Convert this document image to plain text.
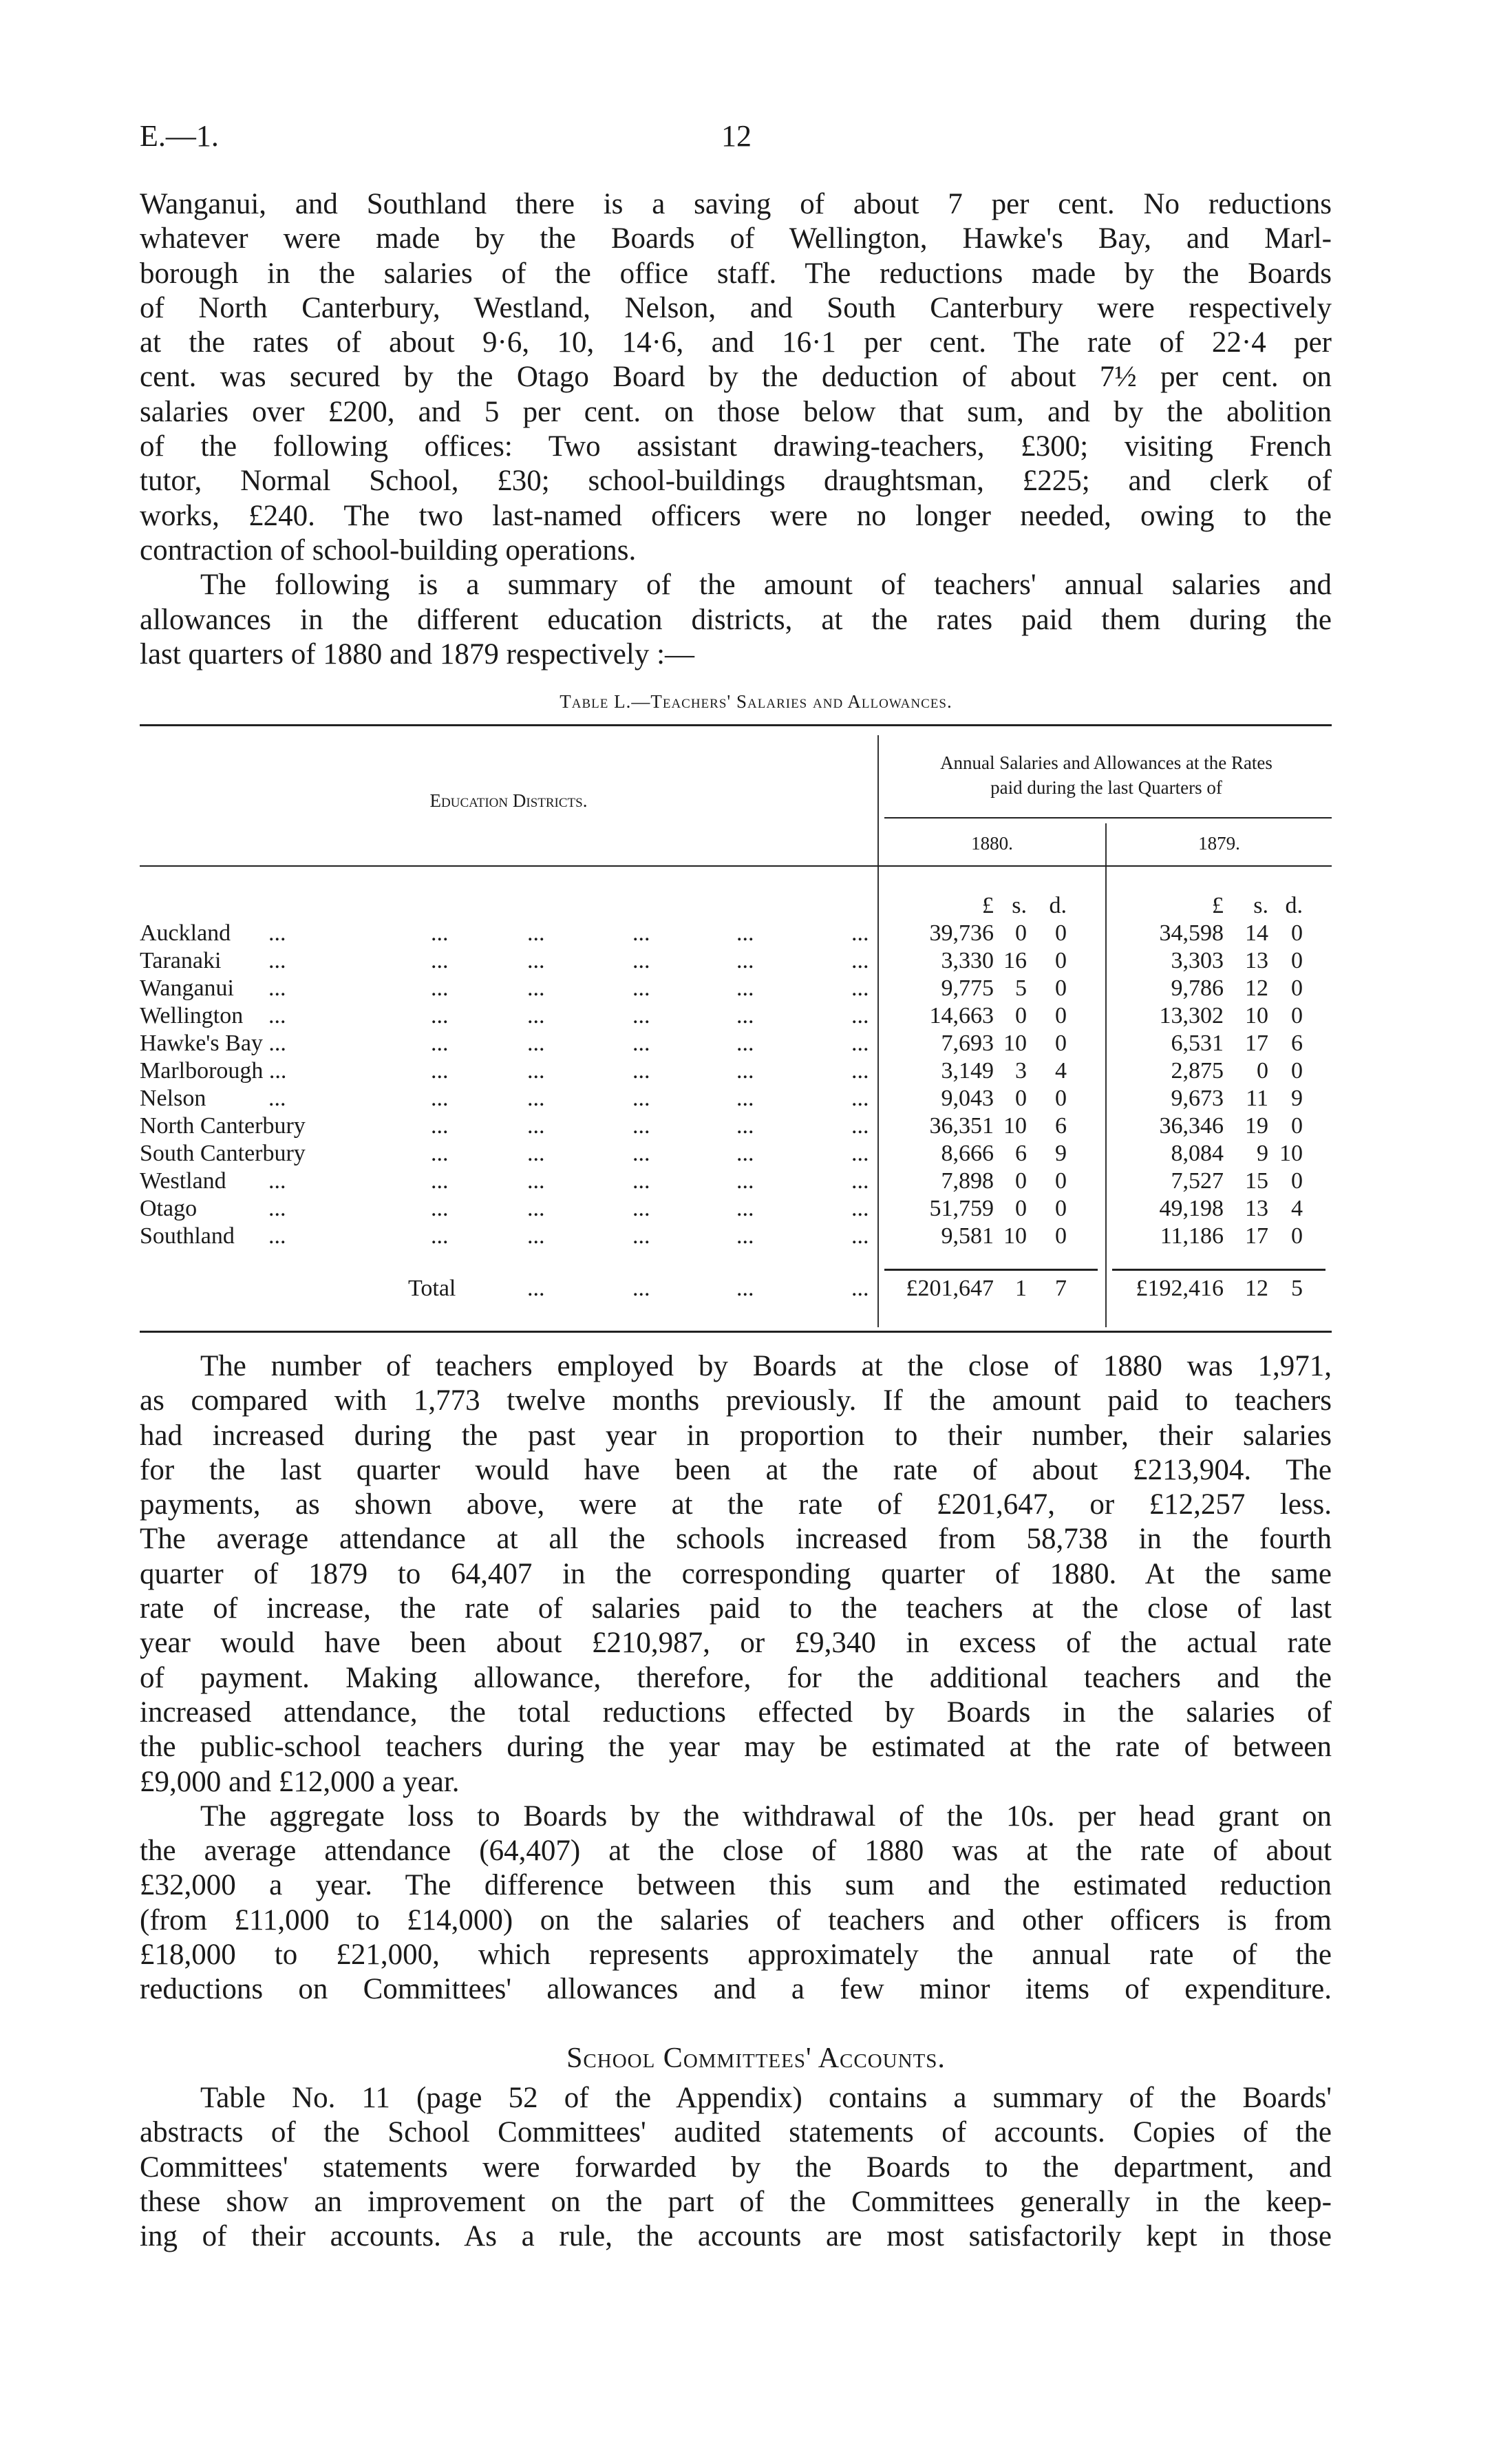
E.—1.	12
Wanganui, and Southland there is a saving of about 7 per cent. No reductions
whatever were made by the Boards of Wellington, Hawke's Bay, and Marl-
borough in the salaries of the office staff. The reductions made by the Boards
of North Canterbury, Westland, Nelson, and South Canterbury were respectively
at the rates of about 9·6, 10, 14·6, and 16·1 per cent. The rate of 22·4 per
cent. was secured by the Otago Board by the deduction of about 7½ per cent. on
salaries over £200, and 5 per cent. on those below that sum, and by the abolition
of the following offices: Two assistant drawing-teachers, £300; visiting French
tutor, Normal School, £30; school-buildings draughtsman, £225; and clerk of
works, £240. The two last-named officers were no longer needed, owing to the
contraction of school-building operations.
The following is a summary of the amount of teachers' annual salaries and
allowances in the different education districts, at the rates paid them during the
last quarters of 1880 and 1879 respectively :—
Table L.—Teachers' Salaries and Allowances.
Education Districts.
Annual Salaries and Allowances at the Rates
paid during the last Quarters of
1880.	1879.
£ s. d.	£	s. d.
Auckland ...	...	...	...	...	...	39,736 0	0	34,598 14 0
Taranaki ...	...	...	...	...	...	3,330 16	0	3,303 13 0
Wanganui ...	...	...	...	...	...	9,775 5	0	9,786 12 0
Wellington ...	...	...	...	...	...	14,663 0	0	13,302 10 0
Hawke's Bay ...	...	...	...	...	...	7,693 10	0	6,531 17 6
Marlborough ...	...	...	...	...	...	3,149 3	4	2,875	0 0
Nelson	...	...	...	...	...	...	9,043 0	0	9,673 11 9
North Canterbury	...	...	...	...	...	36,351 10	6	36,346 19 0
South Canterbury	...	...	...	...	...	8,666 6	9	8,084	9 10
Westland ...	...	...	...	...	...	7,898 0	0	7,527 15 0
Otago	...	...	...	...	...	...	51,759 0	0	49,198 13 4
Southland ...	...	...	...	...	...	9,581 10	0	11,186 17 0
Total	...	...	...	...	£201,647 1	7	£192,416 12 5
The number of teachers employed by Boards at the close of 1880 was 1,971,
as compared with 1,773 twelve months previously. If the amount paid to teachers
had increased during the past year in proportion to their number, their salaries
for the last quarter would have been at the rate of about £213,904. The
payments, as shown above, were at the rate of £201,647, or £12,257 less.
The average attendance at all the schools increased from 58,738 in the fourth
quarter of 1879 to 64,407 in the corresponding quarter of 1880. At the same
rate of increase, the rate of salaries paid to the teachers at the close of last
year would have been about £210,987, or £9,340 in excess of the actual rate
of payment. Making allowance, therefore, for the additional teachers and the
increased attendance, the total reductions effected by Boards in the salaries of
the public-school teachers during the year may be estimated at the rate of between
£9,000 and £12,000 a year.
The aggregate loss to Boards by the withdrawal of the 10s. per head grant on
the average attendance (64,407) at the close of 1880 was at the rate of about
£32,000 a year. The difference between this sum and the estimated reduction
(from £11,000 to £14,000) on the salaries of teachers and other officers is from
£18,000 to £21,000, which represents approximately the annual rate of the
reductions on Committees' allowances and a few minor items of expenditure.
School Committees' Accounts.
Table No. 11 (page 52 of the Appendix) contains a summary of the Boards'
abstracts of the School Committees' audited statements of accounts. Copies of the
Committees' statements were forwarded by the Boards to the department, and
these show an improvement on the part of the Committees generally in the keep-
ing of their accounts. As a rule, the accounts are most satisfactorily kept in those
